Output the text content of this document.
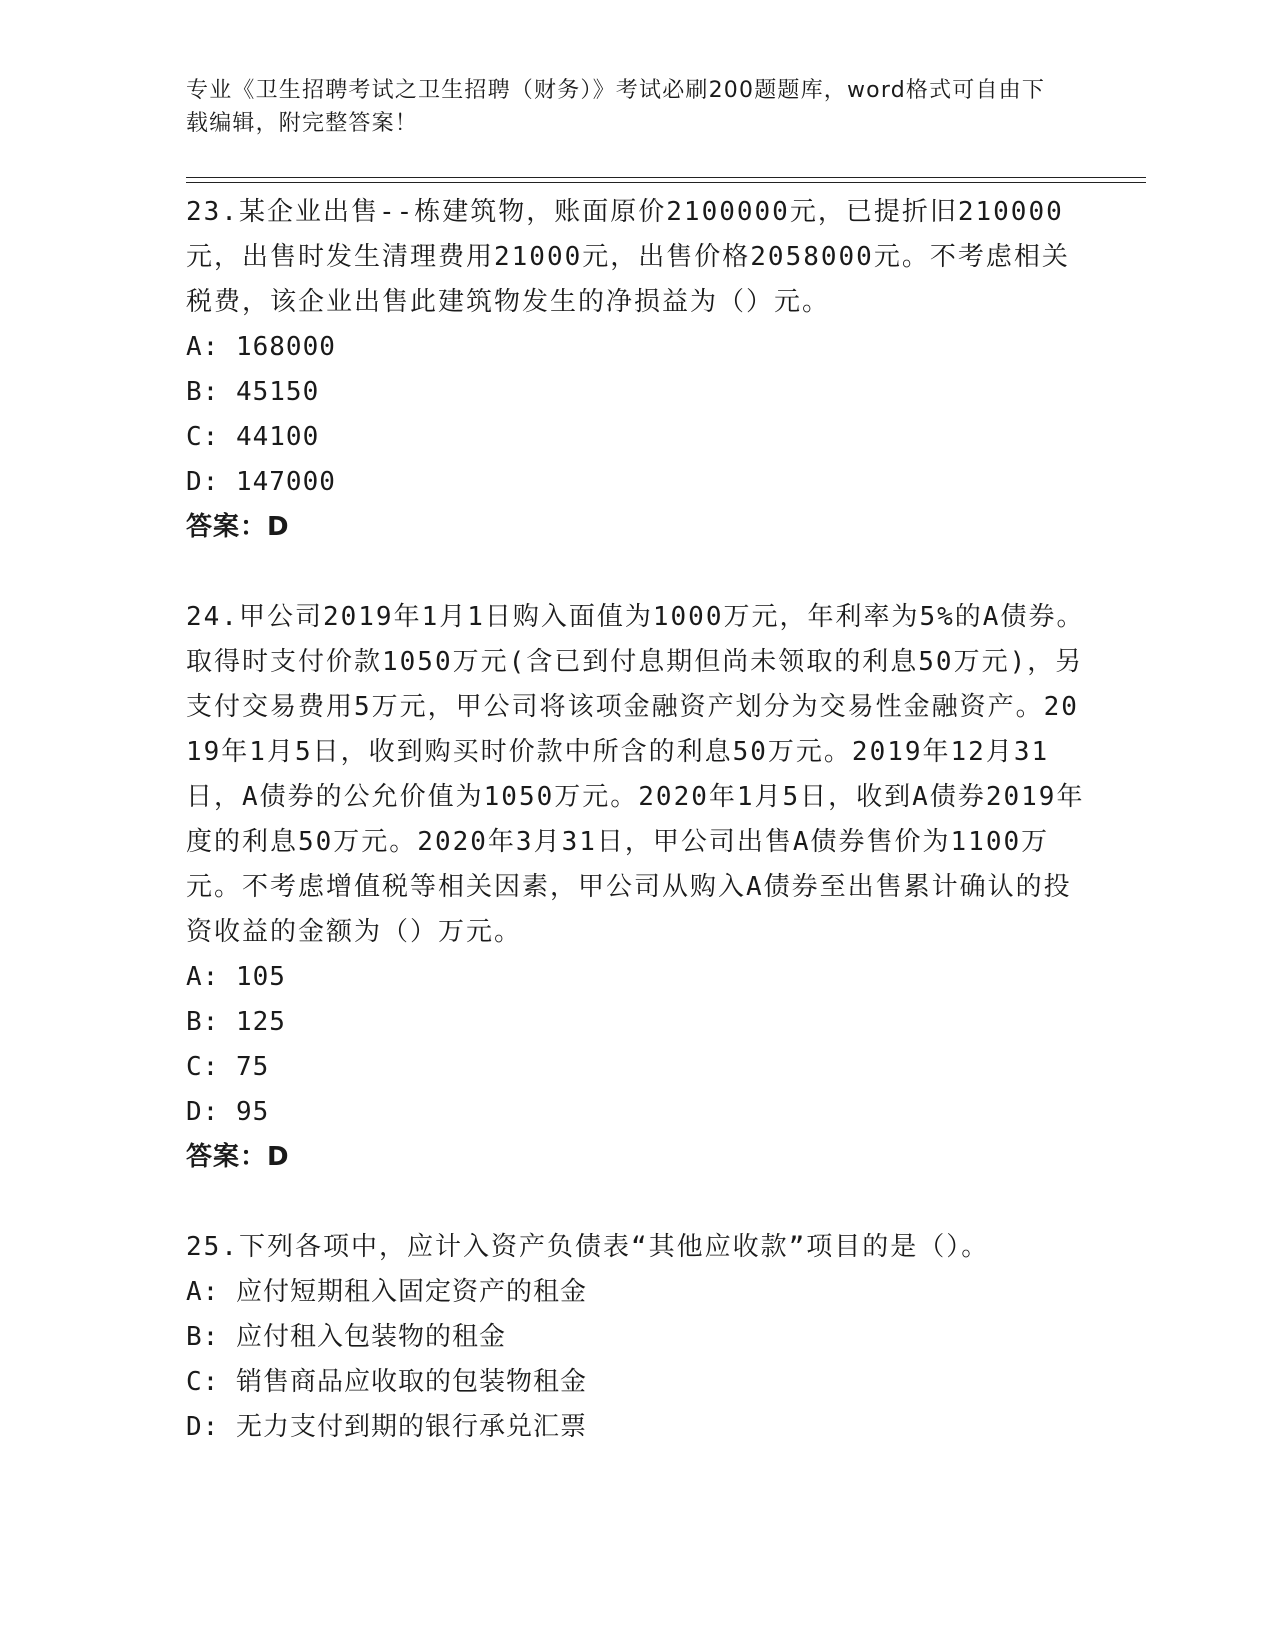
专业《卫生招聘考试之卫生招聘（财务）》考试必刷200题题库，word格式可自由下载编辑，附完整答案！
23.某企业出售--栋建筑物，账面原价2100000元，已提折旧210000元，出售时发生清理费用21000元，出售价格2058000元。不考虑相关税费，该企业出售此建筑物发生的净损益为（）元。
A: 168000
B: 45150
C: 44100
D: 147000
答案：D
24.甲公司2019年1月1日购入面值为1000万元，年利率为5%的A债券。取得时支付价款1050万元(含已到付息期但尚未领取的利息50万元)，另支付交易费用5万元，甲公司将该项金融资产划分为交易性金融资产。2019年1月5日，收到购买时价款中所含的利息50万元。2019年12月31日，A债券的公允价值为1050万元。2020年1月5日，收到A债券2019年度的利息50万元。2020年3月31日，甲公司出售A债券售价为1100万元。不考虑增值税等相关因素，甲公司从购入A债券至出售累计确认的投资收益的金额为（）万元。
A: 105
B: 125
C: 75
D: 95
答案：D
25.下列各项中，应计入资产负债表“其他应收款”项目的是（）。
A: 应付短期租入固定资产的租金
B: 应付租入包装物的租金
C: 销售商品应收取的包装物租金
D: 无力支付到期的银行承兑汇票
